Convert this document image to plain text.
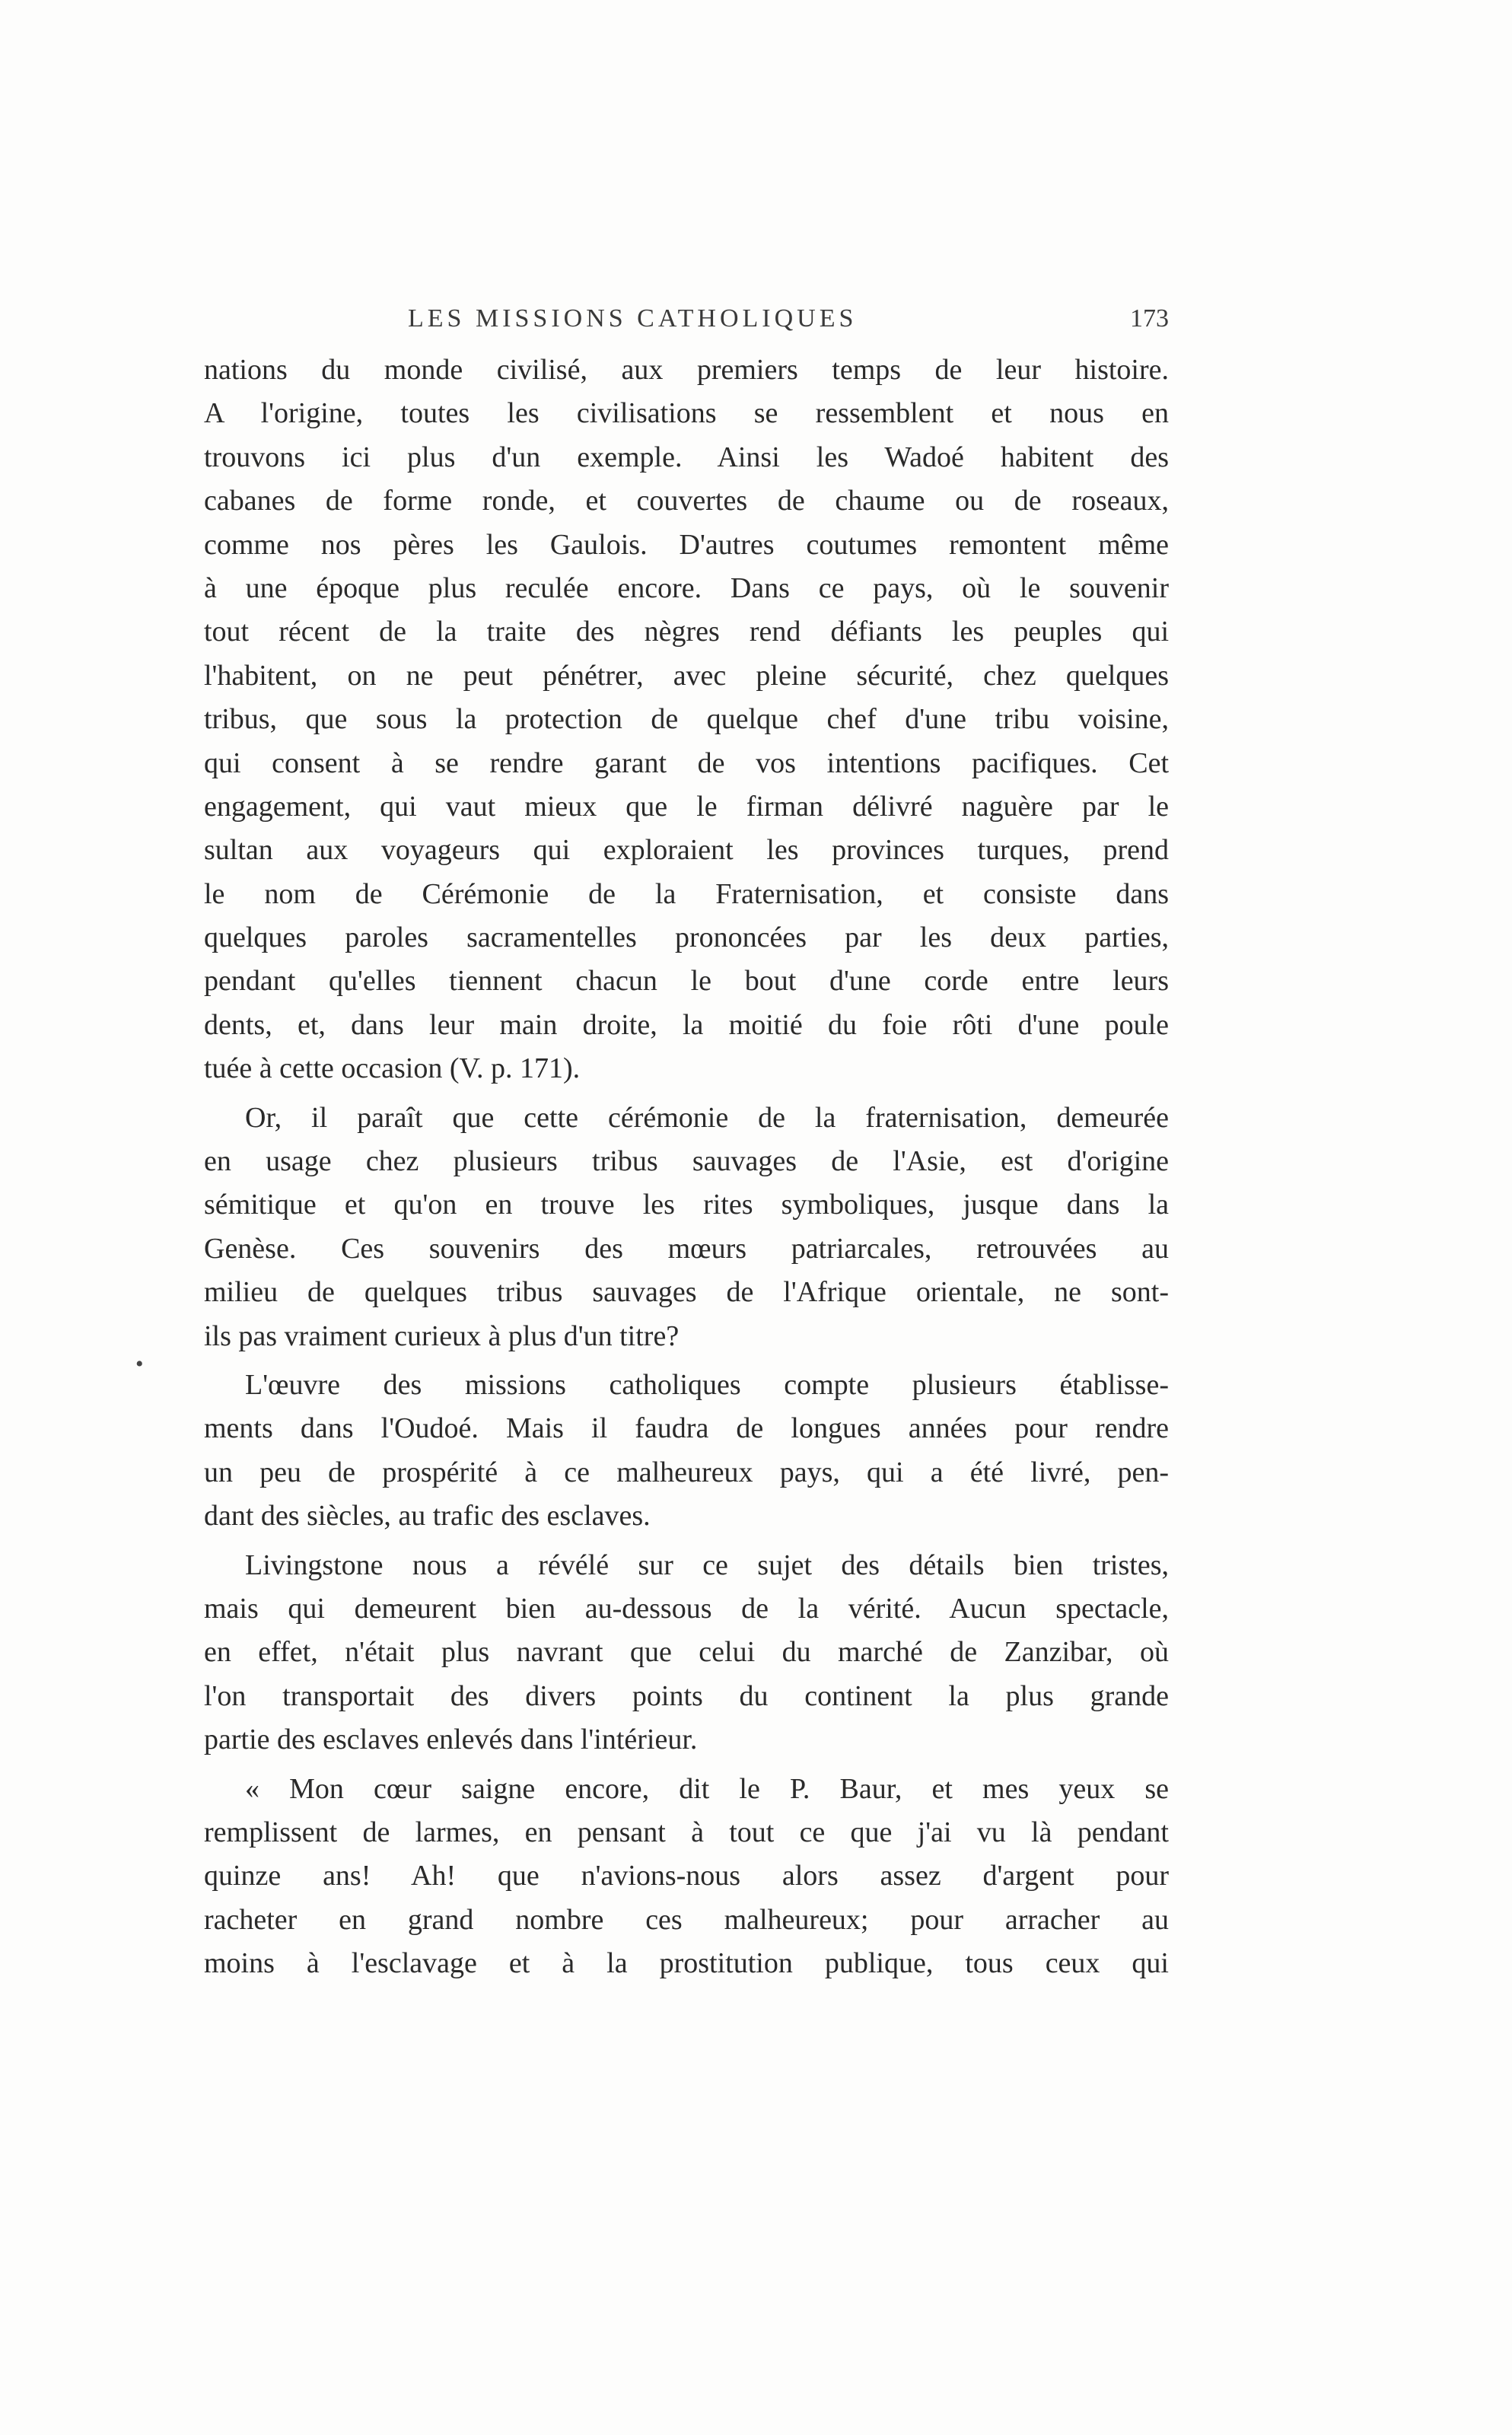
LES MISSIONS CATHOLIQUES	173
•
nations du monde civilisé, aux premiers temps de leur histoire.
A l'origine, toutes les civilisations se ressemblent et nous en
trouvons ici plus d'un exemple. Ainsi les Wadoé habitent des
cabanes de forme ronde, et couvertes de chaume ou de roseaux,
comme nos pères les Gaulois. D'autres coutumes remontent même
à une époque plus reculée encore. Dans ce pays, où le souvenir
tout récent de la traite des nègres rend défiants les peuples qui
l'habitent, on ne peut pénétrer, avec pleine sécurité, chez quelques
tribus, que sous la protection de quelque chef d'une tribu voisine,
qui consent à se rendre garant de vos intentions pacifiques. Cet
engagement, qui vaut mieux que le firman délivré naguère par le
sultan aux voyageurs qui exploraient les provinces turques, prend
le nom de Cérémonie de la Fraternisation, et consiste dans
quelques paroles sacramentelles prononcées par les deux parties,
pendant qu'elles tiennent chacun le bout d'une corde entre leurs
dents, et, dans leur main droite, la moitié du foie rôti d'une poule
tuée à cette occasion (V. p. 171).
Or, il paraît que cette cérémonie de la fraternisation, demeurée
en usage chez plusieurs tribus sauvages de l'Asie, est d'origine
sémitique et qu'on en trouve les rites symboliques, jusque dans la
Genèse. Ces souvenirs des mœurs patriarcales, retrouvées au
milieu de quelques tribus sauvages de l'Afrique orientale, ne sont-
ils pas vraiment curieux à plus d'un titre?
L'œuvre des missions catholiques compte plusieurs établisse-
ments dans l'Oudoé. Mais il faudra de longues années pour rendre
un peu de prospérité à ce malheureux pays, qui a été livré, pen-
dant des siècles, au trafic des esclaves.
Livingstone nous a révélé sur ce sujet des détails bien tristes,
mais qui demeurent bien au-dessous de la vérité. Aucun spectacle,
en effet, n'était plus navrant que celui du marché de Zanzibar, où
l'on transportait des divers points du continent la plus grande
partie des esclaves enlevés dans l'intérieur.
« Mon cœur saigne encore, dit le P. Baur, et mes yeux se
remplissent de larmes, en pensant à tout ce que j'ai vu là pendant
quinze ans! Ah! que n'avions-nous alors assez d'argent pour
racheter en grand nombre ces malheureux; pour arracher au
moins à l'esclavage et à la prostitution publique, tous ceux qui
